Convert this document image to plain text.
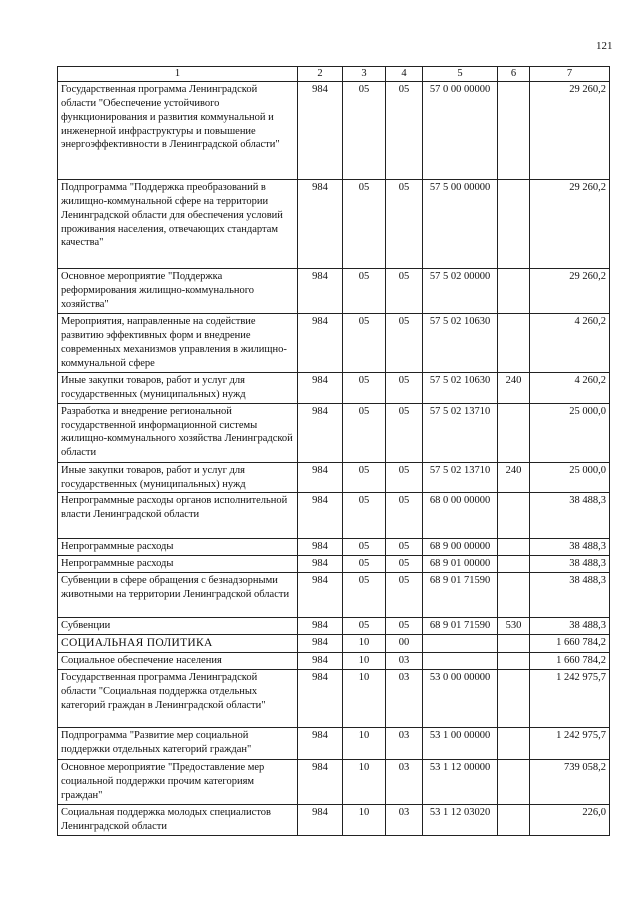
121
1	2	3	4	5	6	7
Государственная программа Ленинградской области "Обеспечение устойчивого функционирования и развития коммунальной и инженерной инфраструктуры и повышение энергоэффективности в Ленинградской области"	984	05	05	57 0 00 00000		29 260,2
Подпрограмма "Поддержка преобразований в жилищно-коммунальной сфере на территории Ленинградской области для обеспечения условий проживания населения, отвечающих стандартам качества"	984	05	05	57 5 00 00000		29 260,2
Основное мероприятие "Поддержка реформирования жилищно-коммунального хозяйства"	984	05	05	57 5 02 00000		29 260,2
Мероприятия, направленные на содействие развитию эффективных форм и внедрение современных механизмов управления в жилищно-коммунальной сфере	984	05	05	57 5 02 10630		4 260,2
Иные закупки товаров, работ и услуг для государственных (муниципальных) нужд	984	05	05	57 5 02 10630	240	4 260,2
Разработка и внедрение региональной государственной информационной системы жилищно-коммунального хозяйства Ленинградской области	984	05	05	57 5 02 13710		25 000,0
Иные закупки товаров, работ и услуг для государственных (муниципальных) нужд	984	05	05	57 5 02 13710	240	25 000,0
Непрограммные расходы органов исполнительной власти Ленинградской области	984	05	05	68 0 00 00000		38 488,3
Непрограммные расходы	984	05	05	68 9 00 00000		38 488,3
Непрограммные расходы	984	05	05	68 9 01 00000		38 488,3
Субвенции в сфере обращения с безнадзорными животными на территории Ленинградской области	984	05	05	68 9 01 71590		38 488,3
Субвенции	984	05	05	68 9 01 71590	530	38 488,3
СОЦИАЛЬНАЯ ПОЛИТИКА	984	10	00			1 660 784,2
Социальное обеспечение населения	984	10	03			1 660 784,2
Государственная программа Ленинградской области "Социальная поддержка отдельных категорий граждан в Ленинградской области"	984	10	03	53 0 00 00000		1 242 975,7
Подпрограмма "Развитие мер социальной поддержки отдельных категорий граждан"	984	10	03	53 1 00 00000		1 242 975,7
Основное мероприятие "Предоставление мер социальной поддержки прочим категориям граждан"	984	10	03	53 1 12 00000		739 058,2
Социальная поддержка молодых специалистов Ленинградской области	984	10	03	53 1 12 03020		226,0
